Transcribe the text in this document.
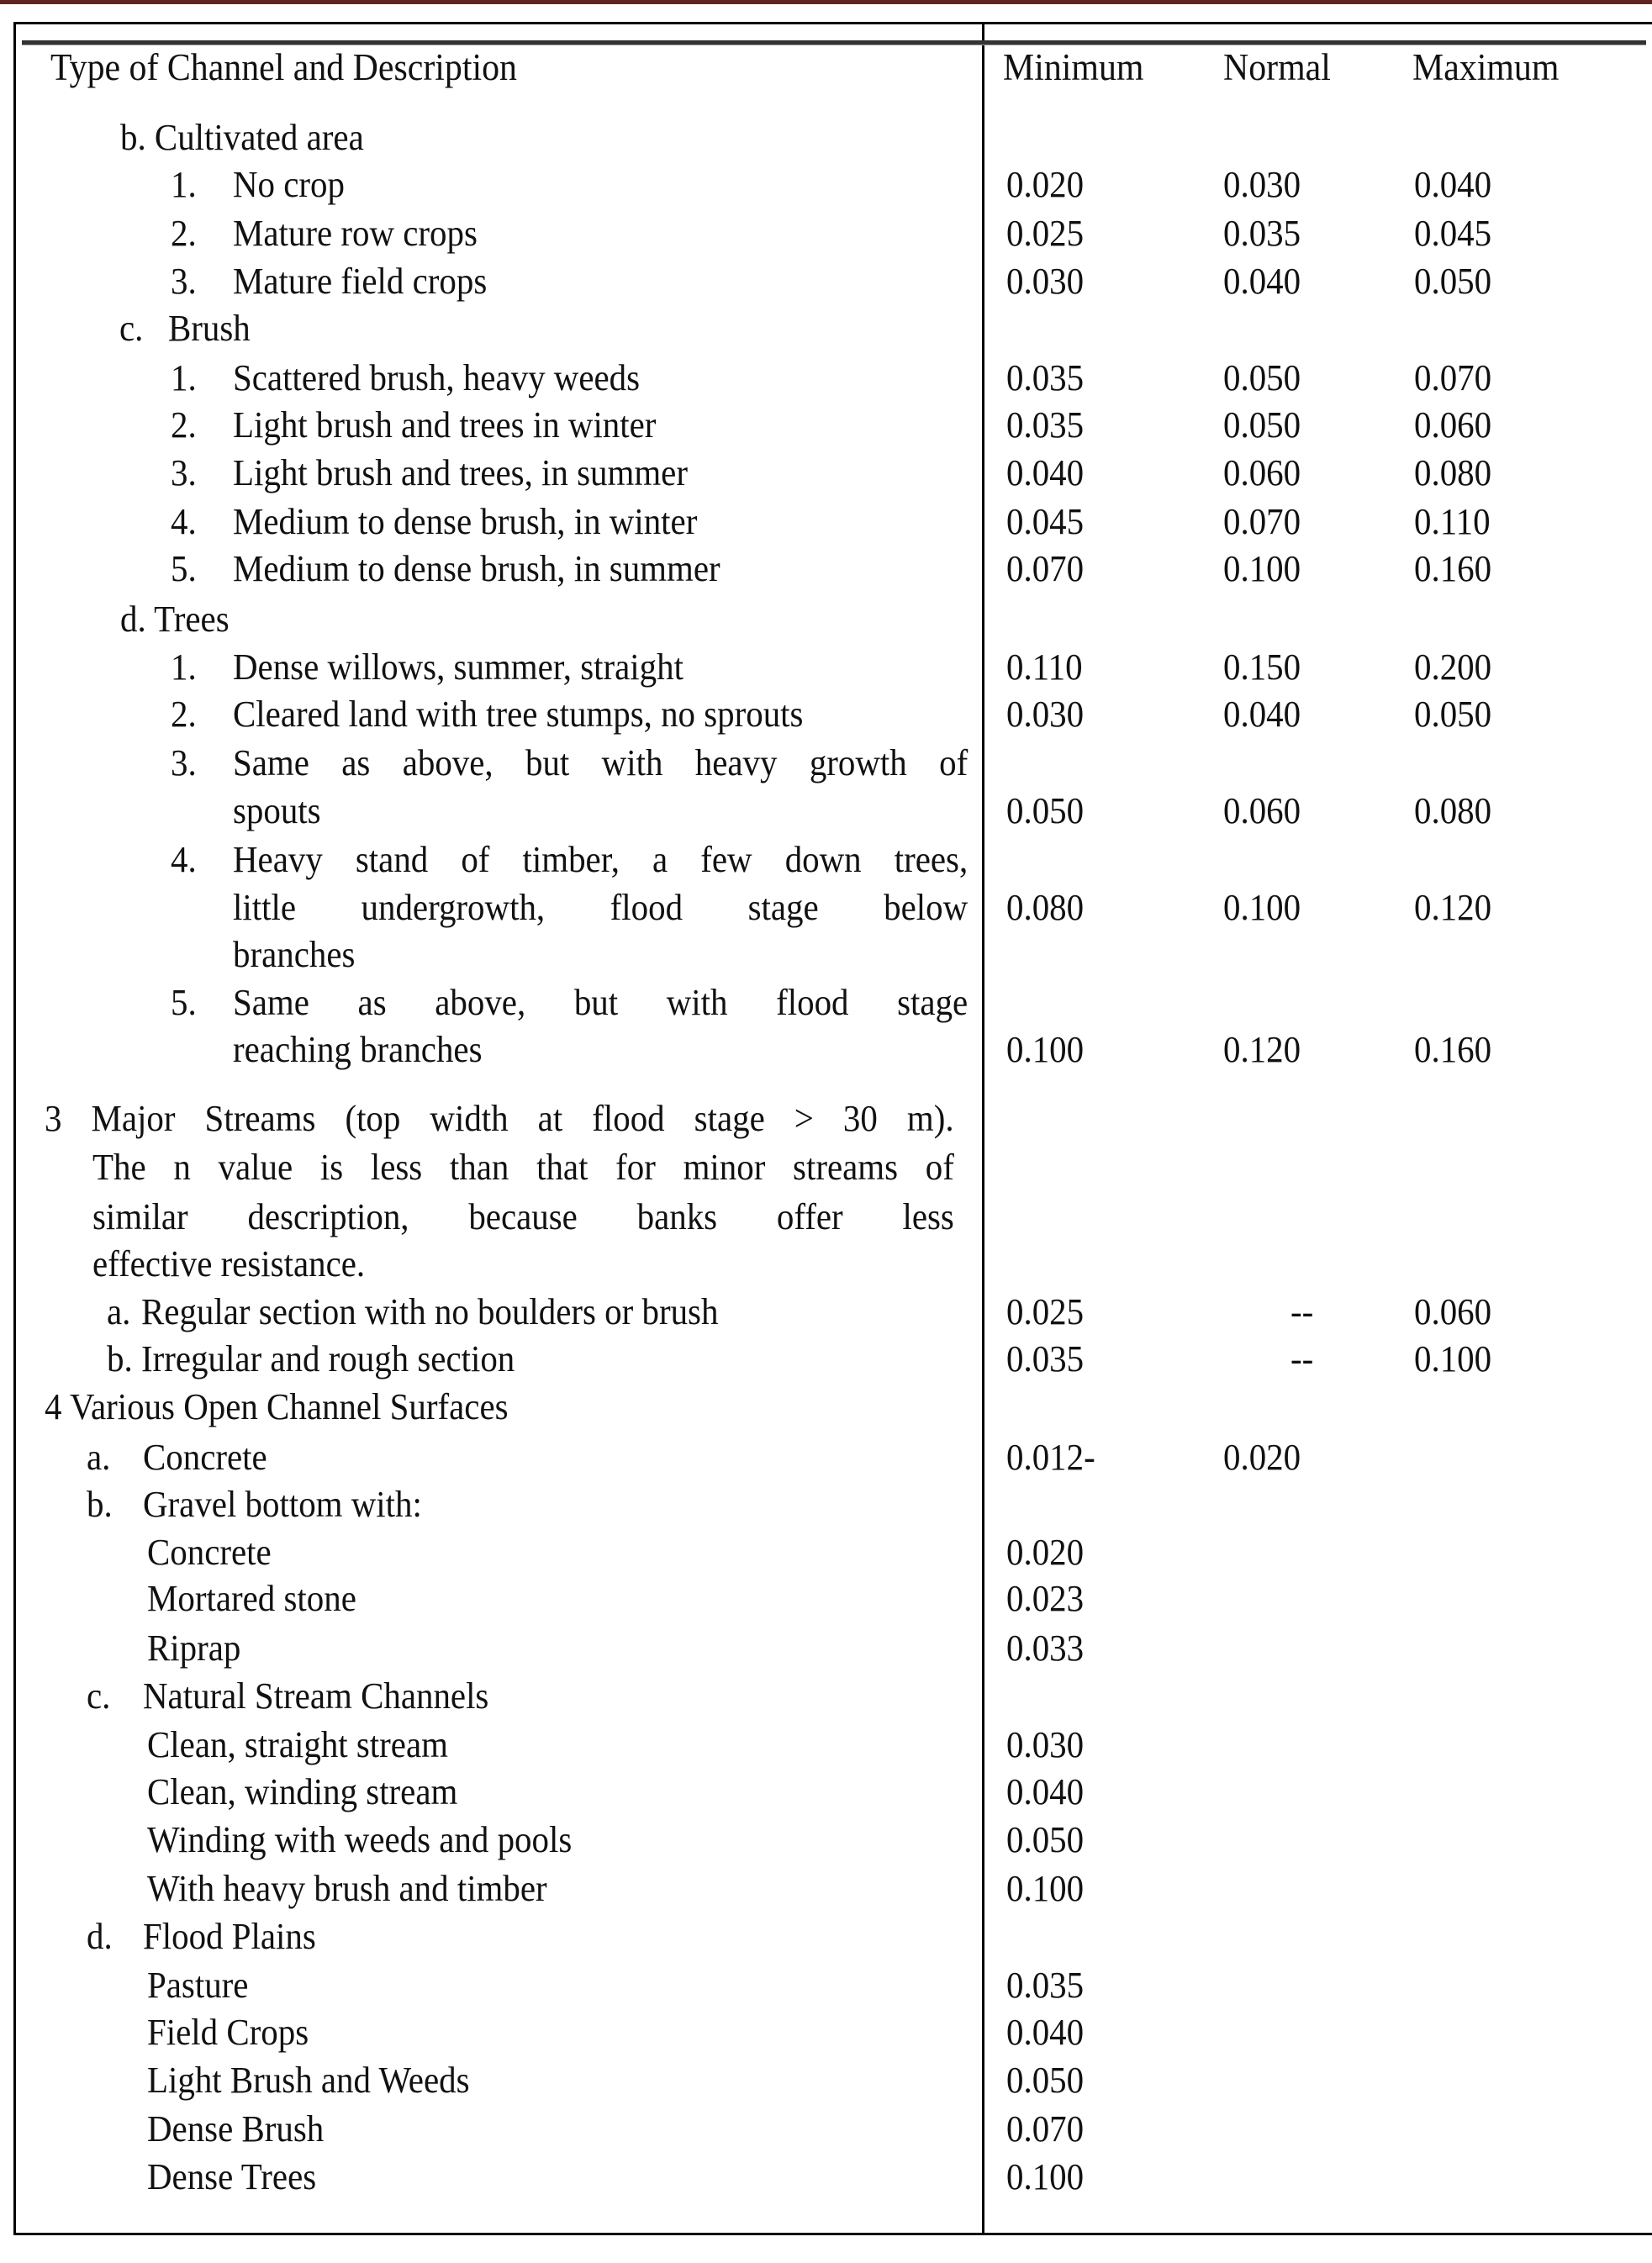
Type of Channel and Description	Minimum Normal Maximum
b. Cultivated area
1. No crop	0.020	0.030	0.040
2. Mature row crops	0.025	0.035	0.045
3. Mature field crops	0.030	0.040	0.050
c. Brush
1. Scattered brush, heavy weeds	0.035	0.050	0.070
2. Light brush and trees in winter	0.035	0.050	0.060
3. Light brush and trees, in summer	0.040	0.060	0.080
4. Medium to dense brush, in winter	0.045	0.070	0.110
5. Medium to dense brush, in summer	0.070	0.100	0.160
d. Trees
1. Dense willows, summer, straight	0.110	0.150	0.200
2. Cleared land with tree stumps, no sprouts	0.030	0.040	0.050
3. Same as above, but with heavy growth of
spouts	0.050	0.060	0.080
4. Heavy stand of timber, a few down trees,
little undergrowth, flood stage below
branches
0.080	0.100	0.120
5. Same as above, but with flood stage
reaching branches	0.100	0.120	0.160
3 Major Streams (top width at flood stage > 30 m).
The n value is less than that for minor streams of
similar description, because banks offer less
effective resistance.
a. Regular section with no boulders or brush	0.025	--	0.060
b. Irregular and rough section	0.035	--	0.100
4 Various Open Channel Surfaces
a. Concrete	0.012-	0.020
b. Gravel bottom with:
Concrete	0.020
Mortared stone	0.023
Riprap	0.033
c. Natural Stream Channels
Clean, straight stream	0.030
Clean, winding stream	0.040
Winding with weeds and pools	0.050
With heavy brush and timber	0.100
d. Flood Plains
Pasture	0.035
Field Crops	0.040
Light Brush and Weeds	0.050
Dense Brush	0.070
Dense Trees	0.100
